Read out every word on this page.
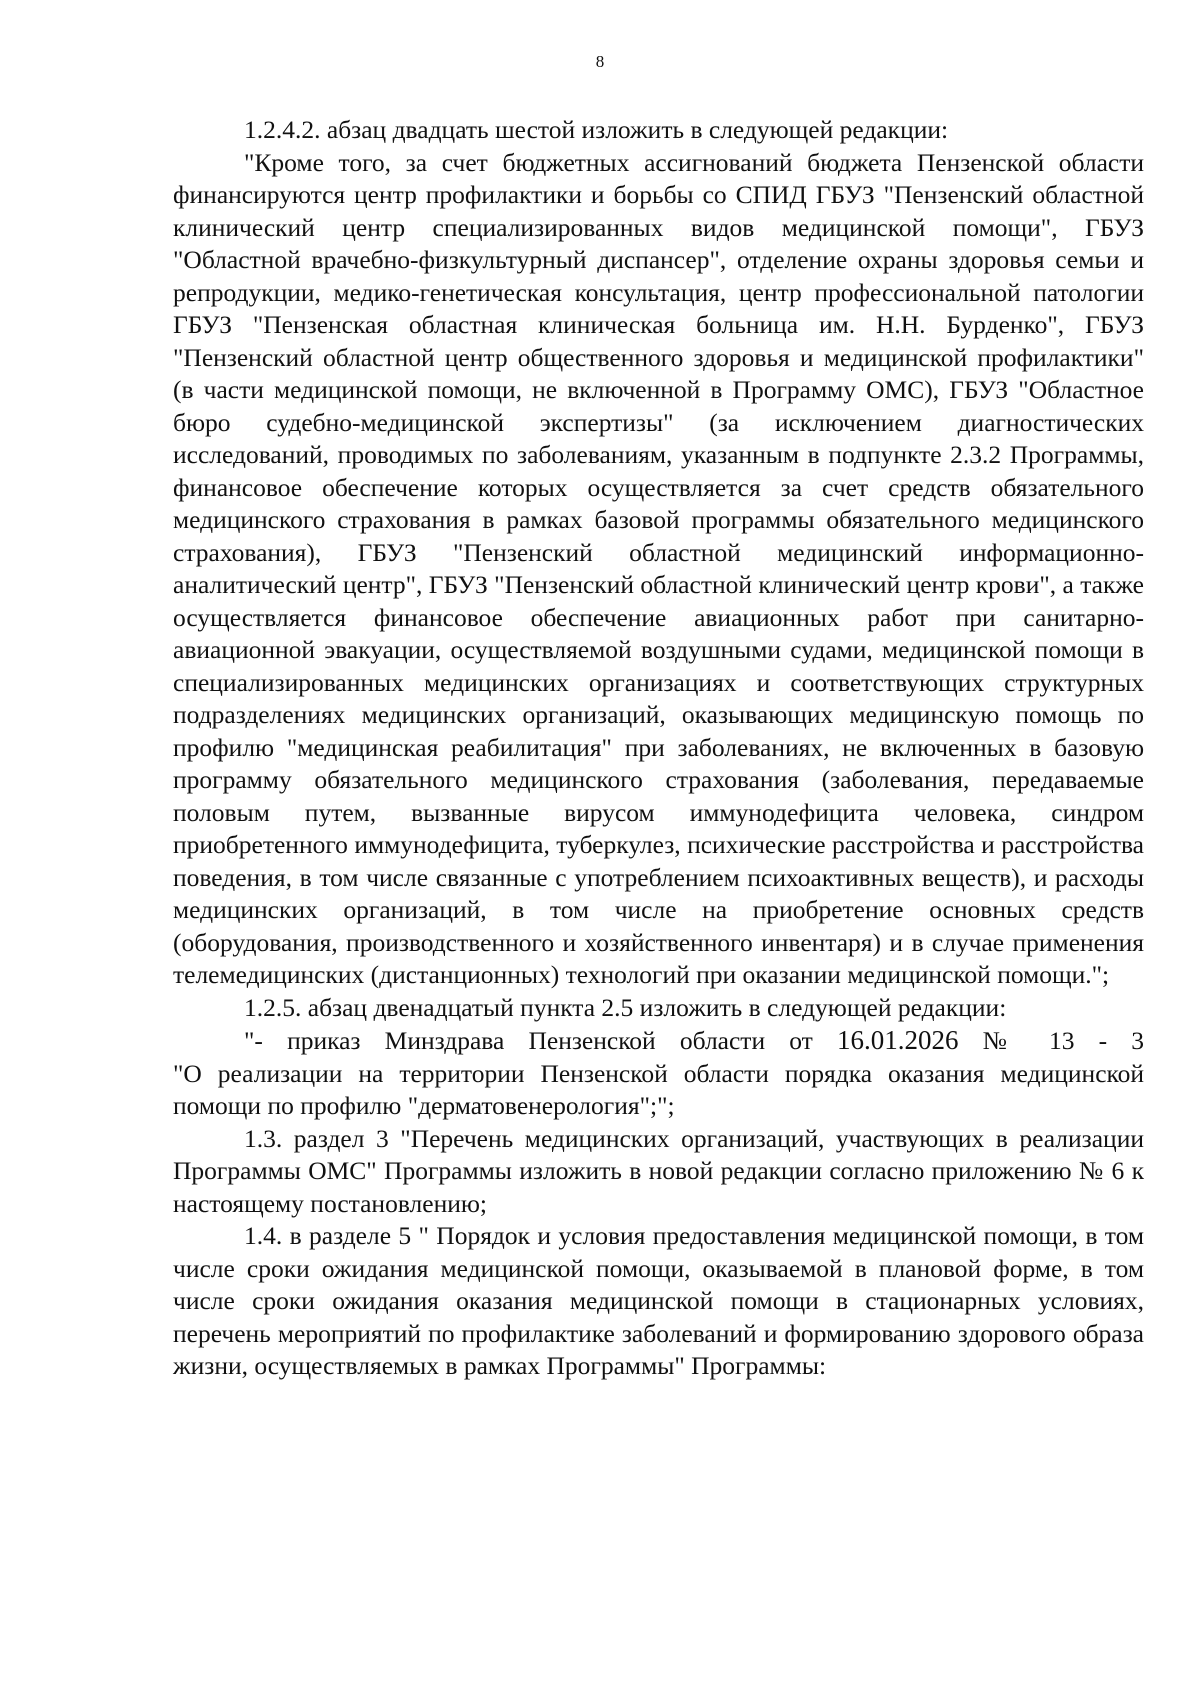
8

1.2.4.2. абзац двадцать шестой изложить в следующей редакции:

"Кроме того, за счет бюджетных ассигнований бюджета Пензенской области финансируются центр профилактики и борьбы со СПИД ГБУЗ "Пензенский областной клинический центр специализированных видов медицинской помощи", ГБУЗ "Областной врачебно-физкультурный диспансер", отделение охраны здоровья семьи и репродукции, медико-генетическая консультация, центр профессиональной патологии ГБУЗ "Пензенская областная клиническая больница им. Н.Н. Бурденко", ГБУЗ "Пензенский областной центр общественного здоровья и медицинской профилактики" (в части медицинской помощи, не включенной в Программу ОМС), ГБУЗ "Областное бюро судебно-медицинской экспертизы" (за исключением диагностических исследований, проводимых по заболеваниям, указанным в подпункте 2.3.2 Программы, финансовое обеспечение которых осуществляется за счет средств обязательного медицинского страхования в рамках базовой программы обязательного медицинского страхования), ГБУЗ "Пензенский областной медицинский информационно-аналитический центр", ГБУЗ "Пензенский областной клинический центр крови", а также осуществляется финансовое обеспечение авиационных работ при санитарно-авиационной эвакуации, осуществляемой воздушными судами, медицинской помощи в специализированных медицинских организациях и соответствующих структурных подразделениях медицинских организаций, оказывающих медицинскую помощь по профилю "медицинская реабилитация" при заболеваниях, не включенных в базовую программу обязательного медицинского страхования (заболевания, передаваемые половым путем, вызванные вирусом иммунодефицита человека, синдром приобретенного иммунодефицита, туберкулез, психические расстройства и расстройства поведения, в том числе связанные с употреблением психоактивных веществ), и расходы медицинских организаций, в том числе на приобретение основных средств (оборудования, производственного и хозяйственного инвентаря) и в случае применения телемедицинских (дистанционных) технологий при оказании медицинской помощи.";

1.2.5. абзац двенадцатый пункта 2.5 изложить в следующей редакции:

"- приказ Минздрава Пензенской области от 16.01.2026 № 13 - 3

"О реализации на территории Пензенской области порядка оказания медицинской помощи по профилю "дерматовенерология";";

1.3. раздел 3 "Перечень медицинских организаций, участвующих в реализации Программы ОМС" Программы изложить в новой редакции согласно приложению № 6 к настоящему постановлению;

1.4. в разделе 5 " Порядок и условия предоставления медицинской помощи, в том числе сроки ожидания медицинской помощи, оказываемой в плановой форме, в том числе сроки ожидания оказания медицинской помощи в стационарных условиях, перечень мероприятий по профилактике заболеваний и формированию здорового образа жизни, осуществляемых в рамках Программы" Программы:
